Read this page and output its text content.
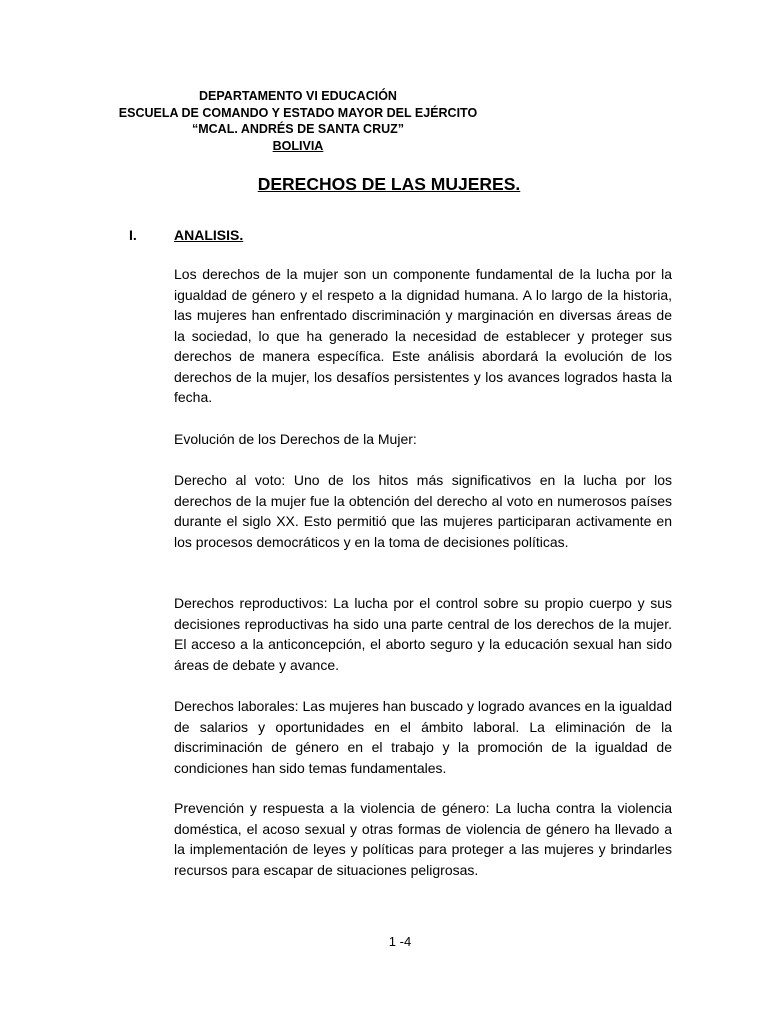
DEPARTAMENTO VI EDUCACIÓN
ESCUELA DE COMANDO Y ESTADO MAYOR DEL EJÉRCITO
“MCAL. ANDRÉS DE SANTA CRUZ”
BOLIVIA
DERECHOS DE LAS MUJERES.
I.	ANALISIS.

Los derechos de la mujer son un componente fundamental de la lucha por la igualdad de género y el respeto a la dignidad humana. A lo largo de la historia, las mujeres han enfrentado discriminación y marginación en diversas áreas de la sociedad, lo que ha generado la necesidad de establecer y proteger sus derechos de manera específica. Este análisis abordará la evolución de los derechos de la mujer, los desafíos persistentes y los avances logrados hasta la fecha.

Evolución de los Derechos de la Mujer:

Derecho al voto: Uno de los hitos más significativos en la lucha por los derechos de la mujer fue la obtención del derecho al voto en numerosos países durante el siglo XX. Esto permitió que las mujeres participaran activamente en los procesos democráticos y en la toma de decisiones políticas.

Derechos reproductivos: La lucha por el control sobre su propio cuerpo y sus decisiones reproductivas ha sido una parte central de los derechos de la mujer. El acceso a la anticoncepción, el aborto seguro y la educación sexual han sido áreas de debate y avance.

Derechos laborales: Las mujeres han buscado y logrado avances en la igualdad de salarios y oportunidades en el ámbito laboral. La eliminación de la discriminación de género en el trabajo y la promoción de la igualdad de condiciones han sido temas fundamentales.

Prevención y respuesta a la violencia de género: La lucha contra la violencia doméstica, el acoso sexual y otras formas de violencia de género ha llevado a la implementación de leyes y políticas para proteger a las mujeres y brindarles recursos para escapar de situaciones peligrosas.

1 -4
